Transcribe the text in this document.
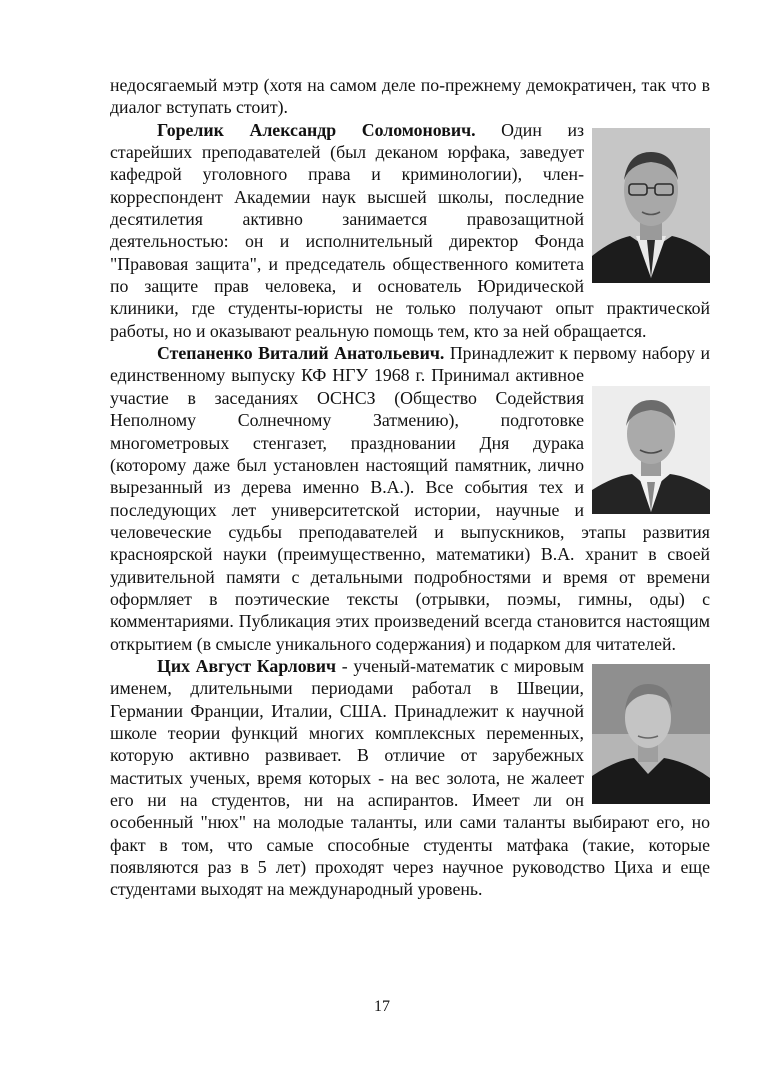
недосягаемый мэтр (хотя на самом деле по-прежнему демократичен, так что в диалог вступать стоит).

Горелик Александр Соломонович. Один из старейших преподавателей (был деканом юрфака, заведует кафедрой уголовного права и криминологии), член-корреспондент Академии наук высшей школы, последние десятилетия активно занимается правозащитной деятельностью: он и исполнительный директор Фонда "Правовая защита", и председатель общественного комитета по защите прав человека, и основатель Юридической клиники, где студенты-юристы не только получают опыт практической работы, но и оказывают реальную помощь тем, кто за ней обращается.

Степаненко Виталий Анатольевич. Принадлежит к первому набору и единственному выпуску КФ НГУ 1968 г.
Принимал активное участие в заседаниях ОСНСЗ (Общество Содействия Неполному Солнечному Затмению), подготовке многометровых стенгазет, праздновании Дня дурака (которому даже был установлен настоящий памятник, лично вырезанный из дерева именно В.А.). Все события тех и последующих лет университетской истории, научные и человеческие судьбы преподавателей и выпускников, этапы развития красноярской науки (преимущественно, математики) В.А. хранит в своей удивительной памяти с детальными подробностями и время от времени оформляет в поэтические тексты (отрывки, поэмы, гимны, оды) с комментариями. Публикация этих произведений всегда становится настоящим открытием (в смысле уникального содержания) и подарком для читателей.

Цих Август Карлович - ученый-математик с мировым именем, длительными периодами работал в Швеции, Германии Франции, Италии, США. Принадлежит к научной школе теории функций многих комплексных переменных, которую активно развивает. В отличие от зарубежных маститых ученых, время которых - на вес золота, не жалеет его ни на студентов, ни на аспирантов. Имеет ли он особенный "нюх" на молодые таланты, или сами таланты выбирают его, но факт в том, что самые способные студенты матфака (такие, которые появляются раз в 5 лет) проходят через научное руководство Циха и еще студентами выходят на международный уровень.

17
